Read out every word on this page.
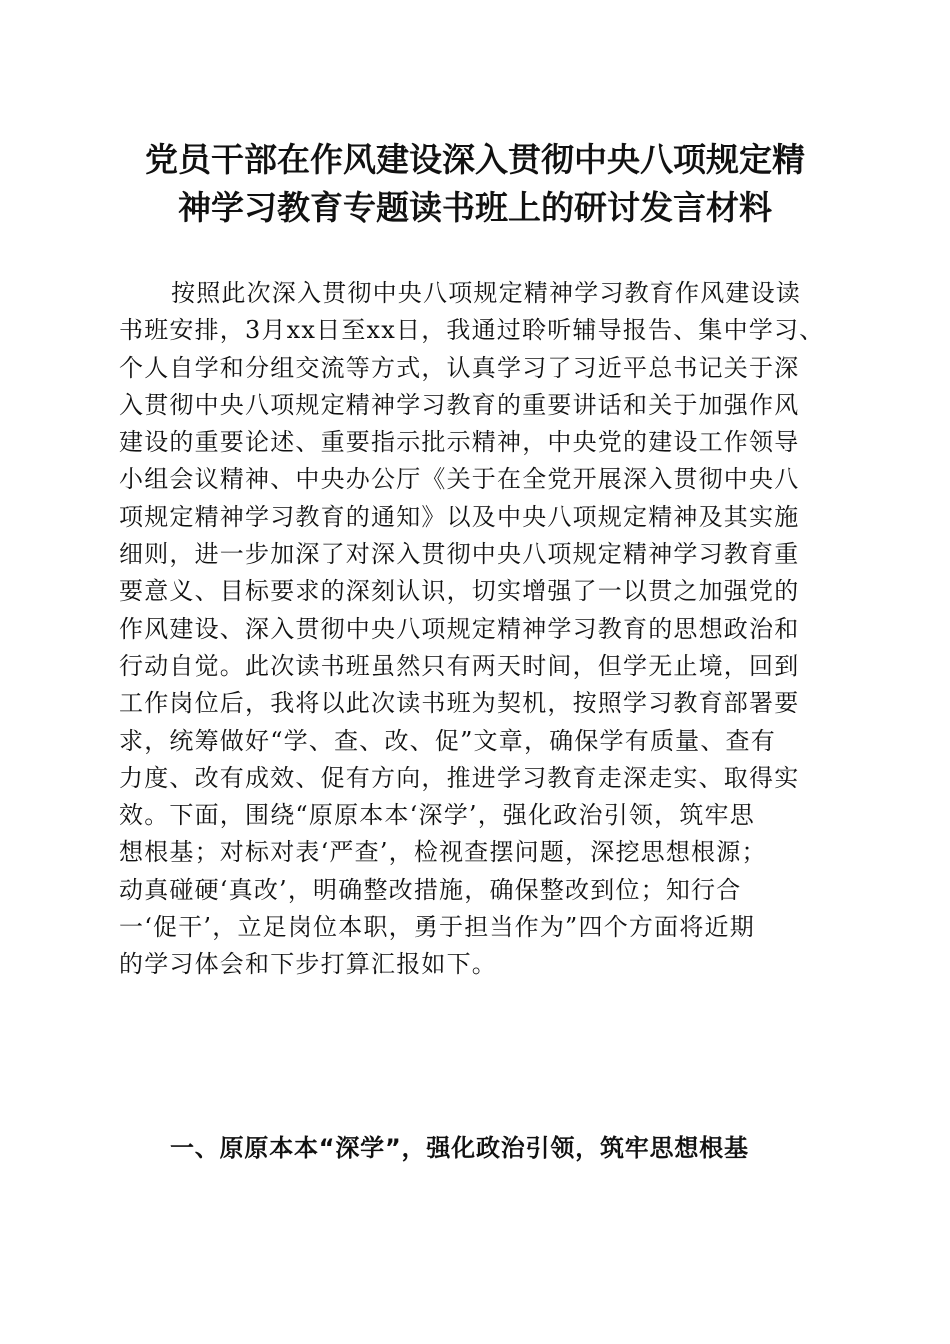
党员干部在作风建设深入贯彻中央八项规定精
神学习教育专题读书班上的研讨发言材料
按照此次深入贯彻中央八项规定精神学习教育作风建设读
书班安排，3月xx日至xx日，我通过聆听辅导报告、集中学习、
个人自学和分组交流等方式，认真学习了习近平总书记关于深
入贯彻中央八项规定精神学习教育的重要讲话和关于加强作风
建设的重要论述、重要指示批示精神，中央党的建设工作领导
小组会议精神、中央办公厅《关于在全党开展深入贯彻中央八
项规定精神学习教育的通知》以及中央八项规定精神及其实施
细则，进一步加深了对深入贯彻中央八项规定精神学习教育重
要意义、目标要求的深刻认识，切实增强了一以贯之加强党的
作风建设、深入贯彻中央八项规定精神学习教育的思想政治和
行动自觉。此次读书班虽然只有两天时间，但学无止境，回到
工作岗位后，我将以此次读书班为契机，按照学习教育部署要
求，统筹做好“学、查、改、促”文章，确保学有质量、查有
力度、改有成效、促有方向，推进学习教育走深走实、取得实
效。下面，围绕“原原本本‘深学’，强化政治引领，筑牢思
想根基；对标对表‘严查’，检视查摆问题，深挖思想根源；
动真碰硬‘真改’，明确整改措施，确保整改到位；知行合
一‘促干’，立足岗位本职，勇于担当作为”四个方面将近期
的学习体会和下步打算汇报如下。
一、原原本本“深学”，强化政治引领，筑牢思想根基
